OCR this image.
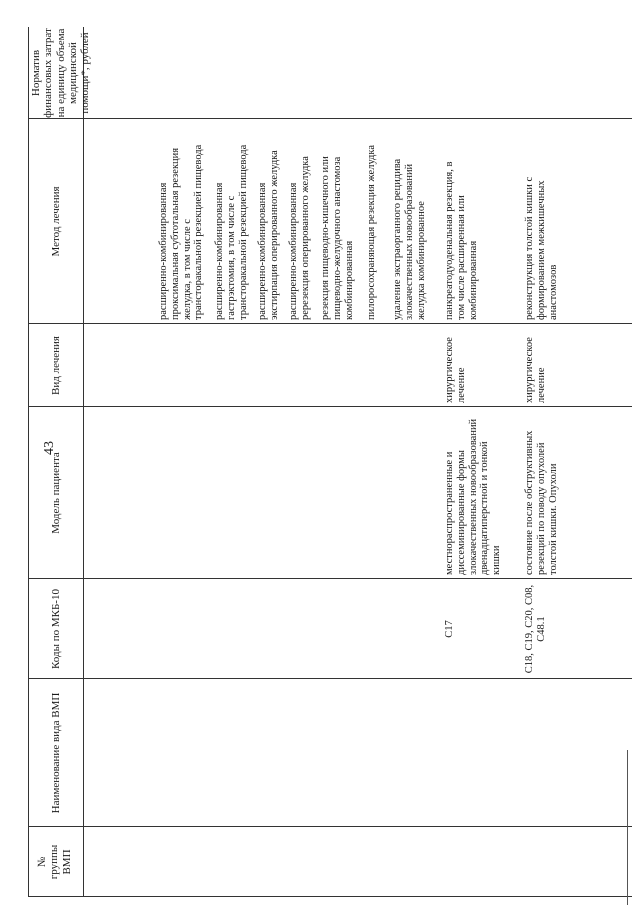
43
№ группы ВМП
Наименование вида ВМП
Коды по МКБ-10
Модель пациента
Вид лечения
Метод лечения
Норматив финансовых затрат на единицу объема медицинской помощи*, рублей
расширенно-комбинированная проксимальная субтотальная резекция желудка, в том числе с трансторакальной резекцией пищевода расширенно-комбинированная гастрэктомия, в том числе с трансторакальной резекцией пищевода расширенно-комбинированная экстирпация оперированного желудка расширенно-комбинированная ререзекция оперированного желудка резекция пищеводно-кишечного или пищеводно-желудочного анастомоза комбинированная пилоросохраняющая резекция желудка удаление экстраорганного рецидива злокачественных новообразований желудка комбинированное
C17
местнораспространенные и диссеминированные формы злокачественных новообразований двенадцатиперстной и тонкой кишки
хирургическое лечение
панкреатодуоденальная резекция, в том числе расширенная или комбинированная
C18, C19, C20, C08, C48.1
состояние после обструктивных резекций по поводу опухолей толстой кишки. Опухоли
хирургическое лечение
реконструкция толстой кишки с формированием межкишечных анастомозов
